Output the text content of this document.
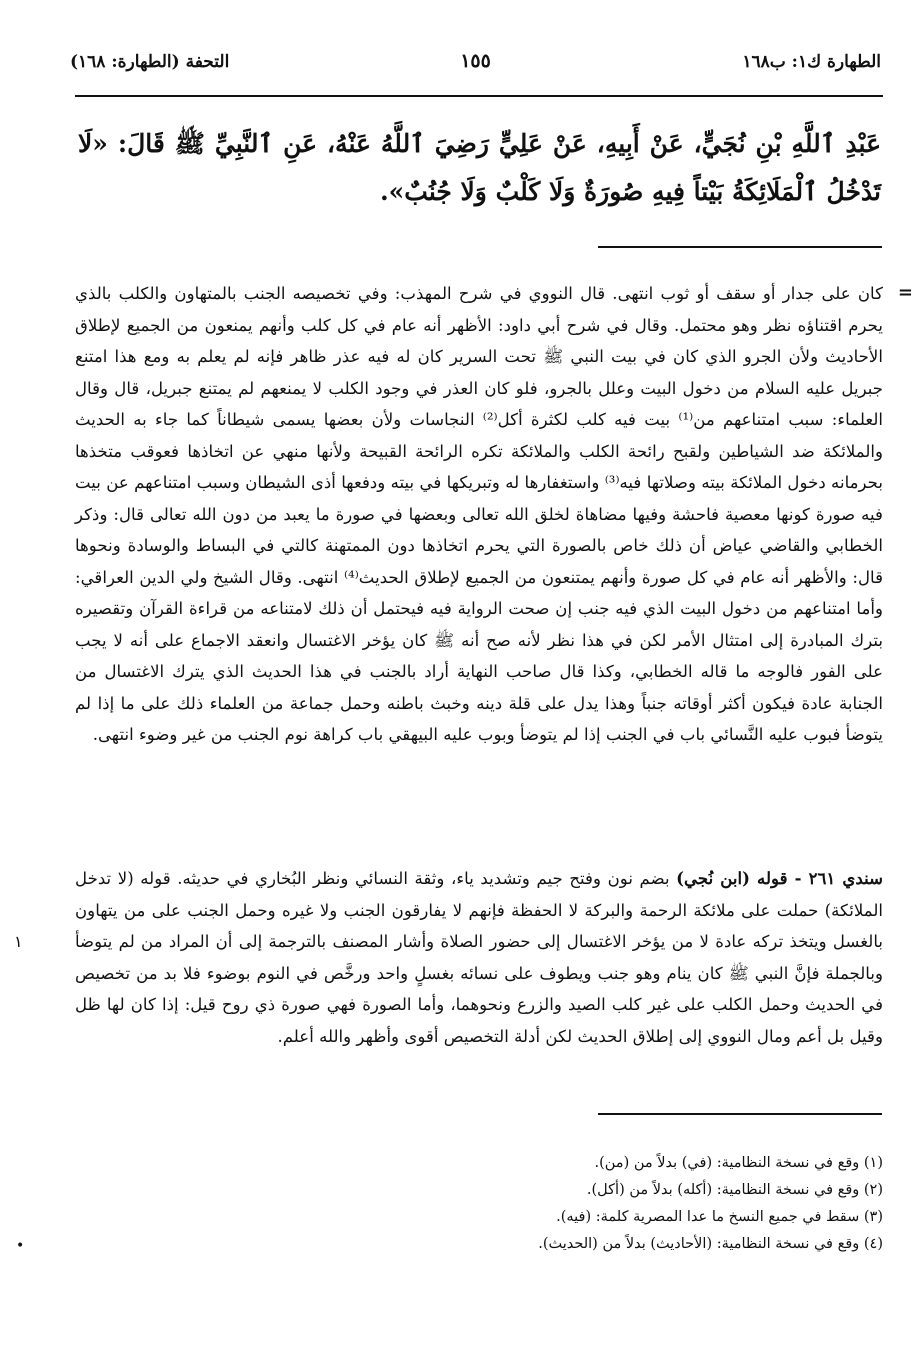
الطهارة ك١: ب١٦٨
١٥٥
التحفة (الطهارة: ١٦٨)
عَبْدِ ٱللَّهِ بْنِ نُجَيٍّ، عَنْ أَبِيهِ، عَنْ عَلِيٍّ رَضِيَ ٱللَّهُ عَنْهُ، عَنِ ٱلنَّبِيِّ ﷺ قَالَ: «لَا تَدْخُلُ ٱلْمَلَائِكَةُ بَيْتاً فِيهِ صُورَةٌ وَلَا كَلْبٌ وَلَا جُنُبٌ».
=
كان على جدار أو سقف أو ثوب انتهى. قال النووي في شرح المهذب: وفي تخصيصه الجنب بالمتهاون والكلب بالذي يحرم اقتناؤه نظر وهو محتمل. وقال في شرح أبي داود: الأظهر أنه عام في كل كلب وأنهم يمنعون من الجميع لإطلاق الأحاديث ولأن الجرو الذي كان في بيت النبي ﷺ تحت السرير كان له فيه عذر ظاهر فإنه لم يعلم به ومع هذا امتنع جبريل عليه السلام من دخول البيت وعلل بالجرو، فلو كان العذر في وجود الكلب لا يمنعهم لم يمتنع جبريل، قال وقال العلماء: سبب امتناعهم من⁽¹⁾ بيت فيه كلب لكثرة أكل⁽²⁾ النجاسات ولأن بعضها يسمى شيطاناً كما جاء به الحديث والملائكة ضد الشياطين ولقبح رائحة الكلب والملائكة تكره الرائحة القبيحة ولأنها منهي عن اتخاذها فعوقب متخذها بحرمانه دخول الملائكة بيته وصلاتها فيه⁽³⁾ واستغفارها له وتبريكها في بيته ودفعها أذى الشيطان وسبب امتناعهم عن بيت فيه صورة كونها معصية فاحشة وفيها مضاهاة لخلق الله تعالى وبعضها في صورة ما يعبد من دون الله تعالى قال: وذكر الخطابي والقاضي عياض أن ذلك خاص بالصورة التي يحرم اتخاذها دون الممتهنة كالتي في البساط والوسادة ونحوها قال: والأظهر أنه عام في كل صورة وأنهم يمتنعون من الجميع لإطلاق الحديث⁽⁴⁾ انتهى. وقال الشيخ ولي الدين العراقي: وأما امتناعهم من دخول البيت الذي فيه جنب إن صحت الرواية فيه فيحتمل أن ذلك لامتناعه من قراءة القرآن وتقصيره بترك المبادرة إلى امتثال الأمر لكن في هذا نظر لأنه صح أنه ﷺ كان يؤخر الاغتسال وانعقد الاجماع على أنه لا يجب على الفور فالوجه ما قاله الخطابي، وكذا قال صاحب النهاية أراد بالجنب في هذا الحديث الذي يترك الاغتسال من الجنابة عادة فيكون أكثر أوقاته جنباً وهذا يدل على قلة دينه وخبث باطنه وحمل جماعة من العلماء ذلك على ما إذا لم يتوضأ فبوب عليه النَّسائي باب في الجنب إذا لم يتوضأ وبوب عليه البيهقي باب كراهة نوم الجنب من غير وضوء انتهى.
سندي ٢٦١ - قوله (ابن نُجي) بضم نون وفتح جيم وتشديد ياء، وثقة النسائي ونظر البُخاري في حديثه. قوله (لا تدخل الملائكة) حملت على ملائكة الرحمة والبركة لا الحفظة فإنهم لا يفارقون الجنب ولا غيره وحمل الجنب على من يتهاون بالغسل ويتخذ تركه عادة لا من يؤخر الاغتسال إلى حضور الصلاة وأشار المصنف بالترجمة إلى أن المراد من لم يتوضأ وبالجملة فإنَّ النبي ﷺ كان ينام وهو جنب ويطوف على نسائه بغسلٍ واحد ورخَّص في النوم بوضوء فلا بد من تخصيص في الحديث وحمل الكلب على غير كلب الصيد والزرع ونحوهما، وأما الصورة فهي صورة ذي روح قيل: إذا كان لها ظل وقيل بل أعم ومال النووي إلى إطلاق الحديث لكن أدلة التخصيص أقوى وأظهر والله أعلم.
١
(١) وقع في نسخة النظامية: (في) بدلاً من (من).
(٢) وقع في نسخة النظامية: (أكله) بدلاً من (أكل).
(٣) سقط في جميع النسخ ما عدا المصرية كلمة: (فيه).
(٤) وقع في نسخة النظامية: (الأحاديث) بدلاً من (الحديث).
•
